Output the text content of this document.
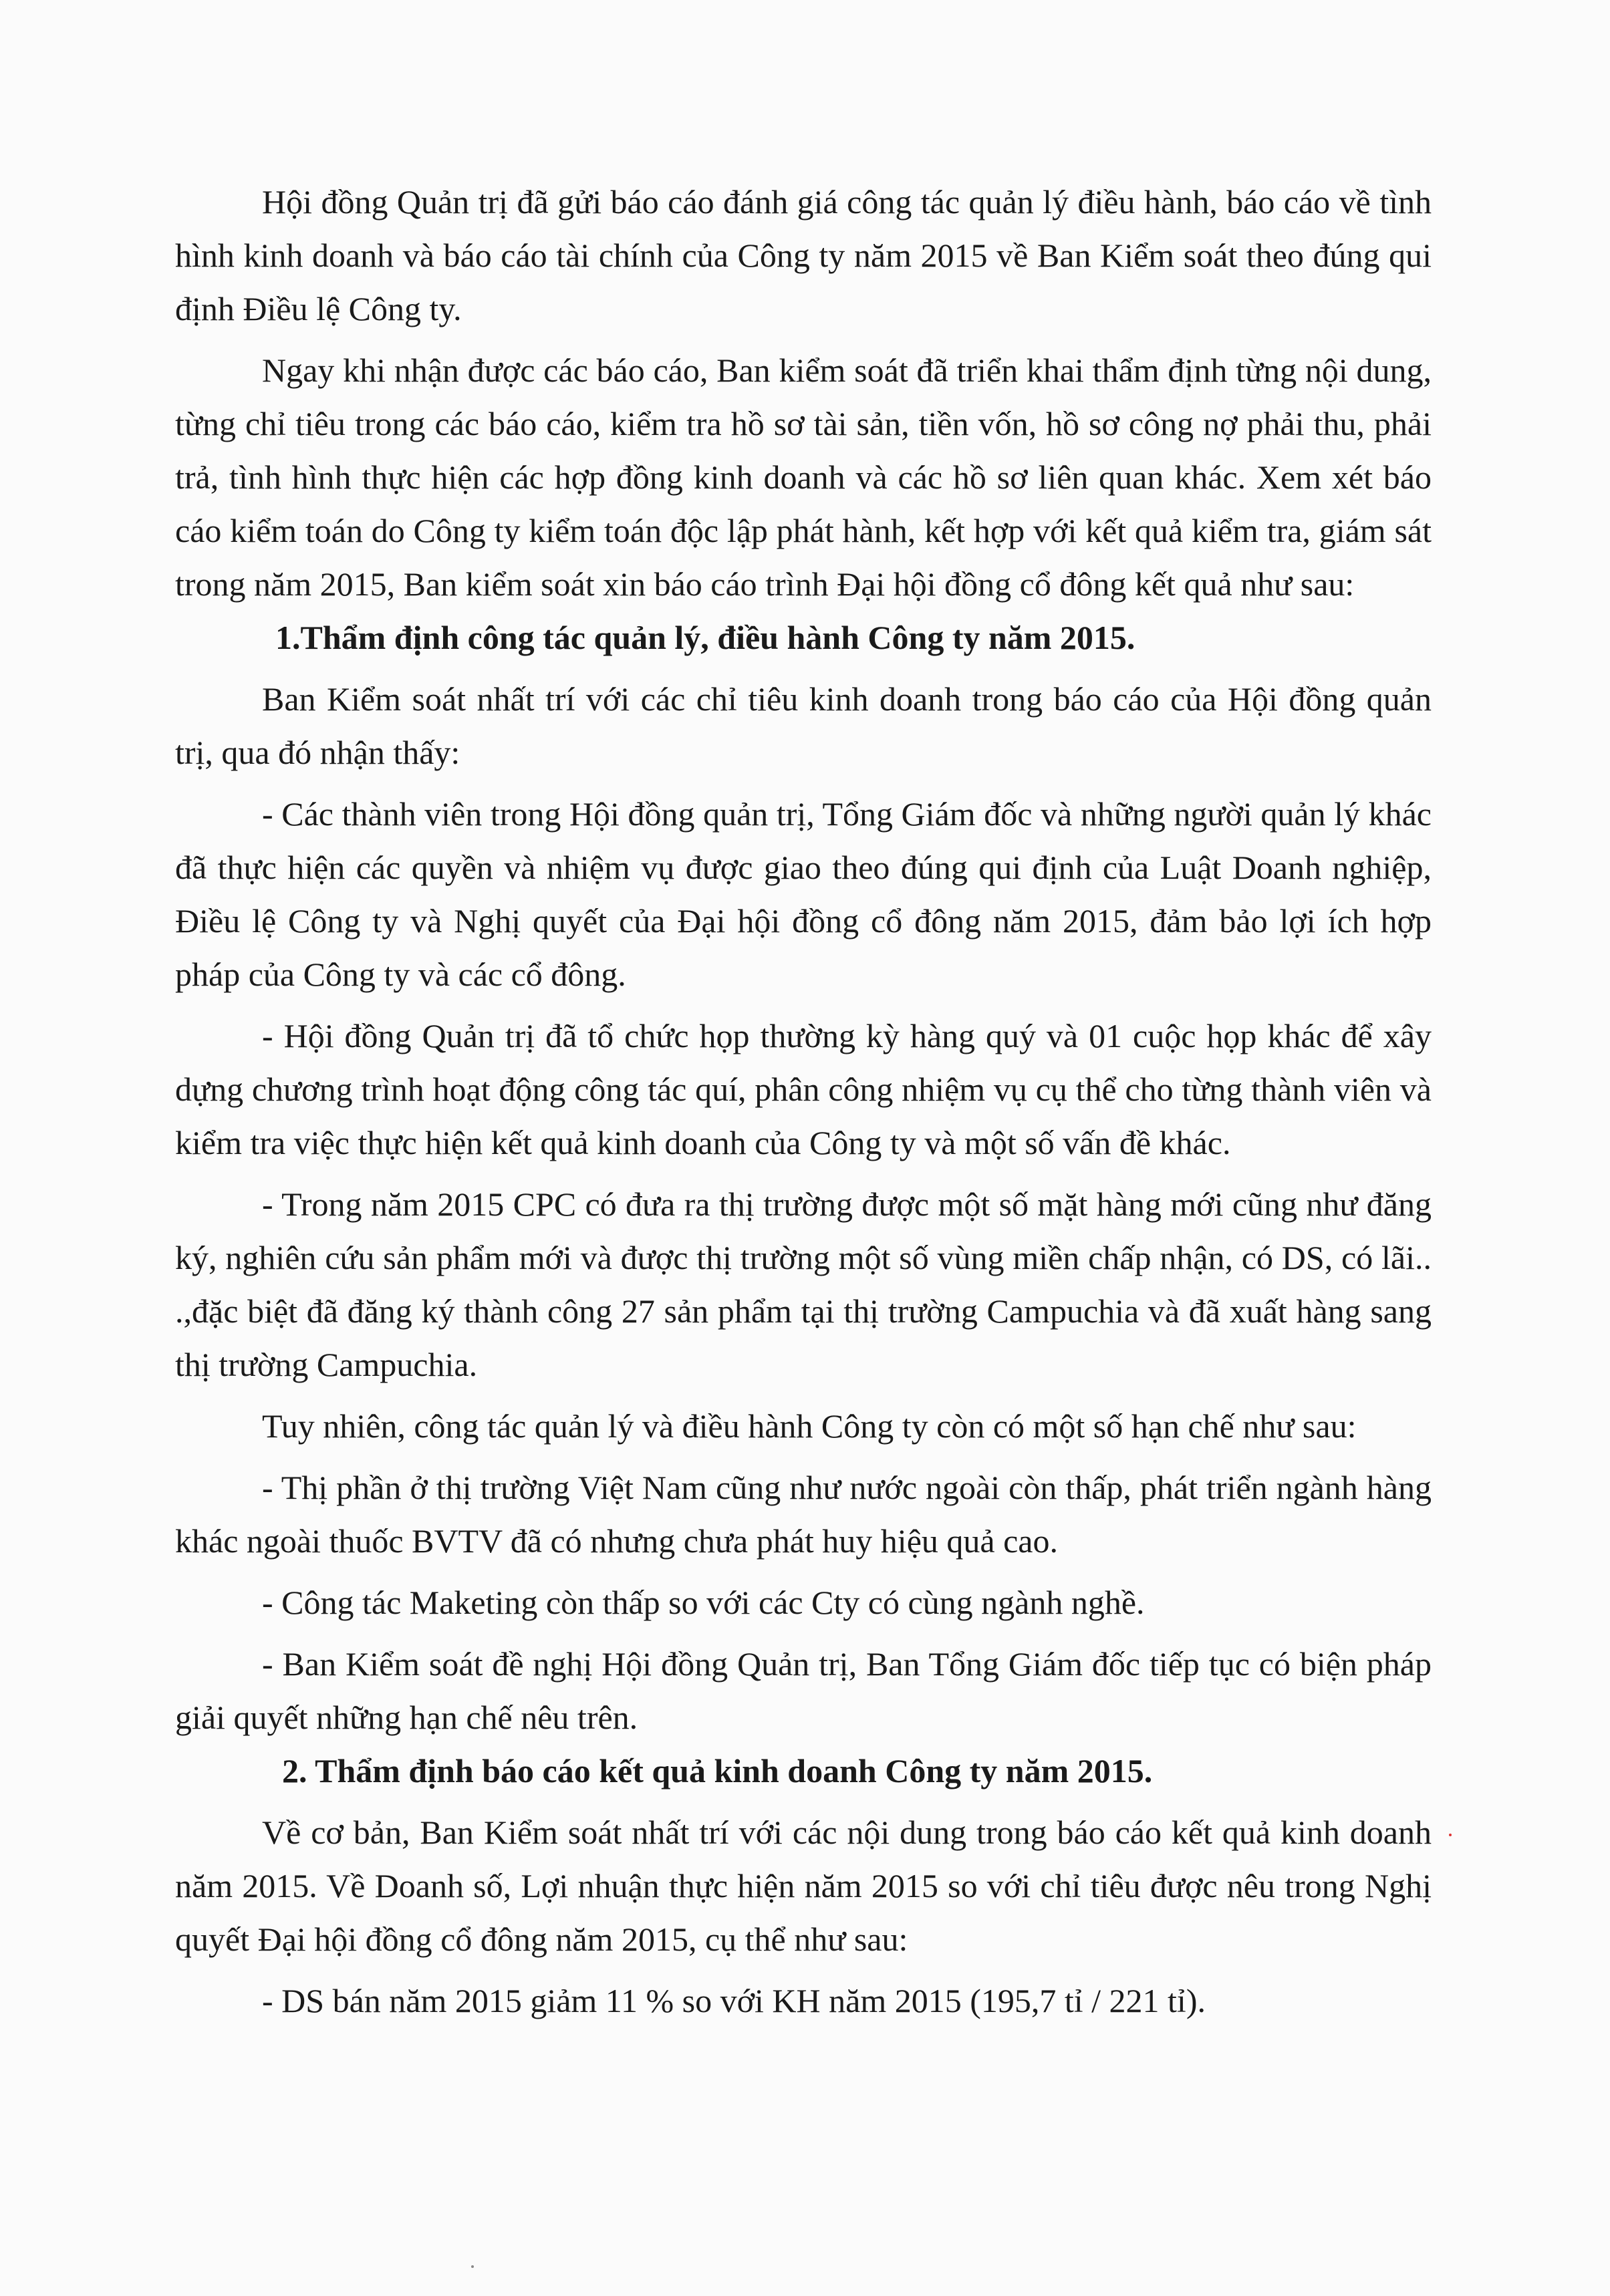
Hội đồng Quản trị đã gửi báo cáo đánh giá công tác quản lý điều hành, báo cáo về tình hình kinh doanh và báo cáo tài chính của Công ty năm 2015 về Ban Kiểm soát theo đúng qui định Điều lệ Công ty.

Ngay khi nhận được các báo cáo, Ban kiểm soát đã triển khai thẩm định từng nội dung, từng chỉ tiêu trong các báo cáo, kiểm tra hồ sơ tài sản, tiền vốn, hồ sơ công nợ phải thu, phải trả, tình hình thực hiện các hợp đồng kinh doanh và các hồ sơ liên quan khác. Xem xét báo cáo kiểm toán do Công ty kiểm toán độc lập phát hành, kết hợp với kết quả kiểm tra, giám sát trong năm 2015, Ban kiểm soát xin báo cáo trình Đại hội đồng cổ đông kết quả như sau:

1.Thẩm định công tác quản lý, điều hành Công ty năm 2015.

Ban Kiểm soát nhất trí với các chỉ tiêu kinh doanh trong báo cáo của Hội đồng quản trị, qua đó nhận thấy:

- Các thành viên trong Hội đồng quản trị, Tổng Giám đốc và những người quản lý khác đã thực hiện các quyền và nhiệm vụ được giao theo đúng qui định của Luật Doanh nghiệp, Điều lệ Công ty và Nghị quyết của Đại hội đồng cổ đông năm 2015, đảm bảo lợi ích hợp pháp của Công ty và các cổ đông.

- Hội đồng Quản trị đã tổ chức họp thường kỳ hàng quý và 01 cuộc họp khác để xây dựng chương trình hoạt động công tác quí, phân công nhiệm vụ cụ thể cho từng thành viên và kiểm tra việc thực hiện kết quả kinh doanh của Công ty và một số vấn đề khác.

- Trong năm 2015 CPC có đưa ra thị trường được một số mặt hàng mới cũng như đăng ký, nghiên cứu sản phẩm mới và được thị trường một số vùng miền chấp nhận, có DS, có lãi.. .,đặc biệt đã đăng ký thành công 27 sản phẩm tại thị trường Campuchia và đã xuất hàng sang thị trường Campuchia.

Tuy nhiên, công tác quản lý và điều hành Công ty còn có một số hạn chế như sau:

- Thị phần ở thị trường Việt Nam cũng như nước ngoài còn thấp, phát triển ngành hàng khác ngoài thuốc BVTV đã có nhưng chưa phát huy hiệu quả cao.

- Công tác Maketing còn thấp so với các Cty có cùng ngành nghề.

- Ban Kiểm soát đề nghị Hội đồng Quản trị, Ban Tổng Giám đốc tiếp tục có biện pháp giải quyết những hạn chế nêu trên.

2. Thẩm định báo cáo kết quả kinh doanh Công ty năm 2015.

Về cơ bản, Ban Kiểm soát nhất trí với các nội dung trong báo cáo kết quả kinh doanh năm 2015. Về Doanh số, Lợi nhuận thực hiện năm 2015 so với chỉ tiêu được nêu trong Nghị quyết Đại hội đồng cổ đông năm 2015, cụ thể như sau:

- DS bán năm 2015 giảm 11 % so với KH năm 2015 (195,7 tỉ / 221 tỉ).
